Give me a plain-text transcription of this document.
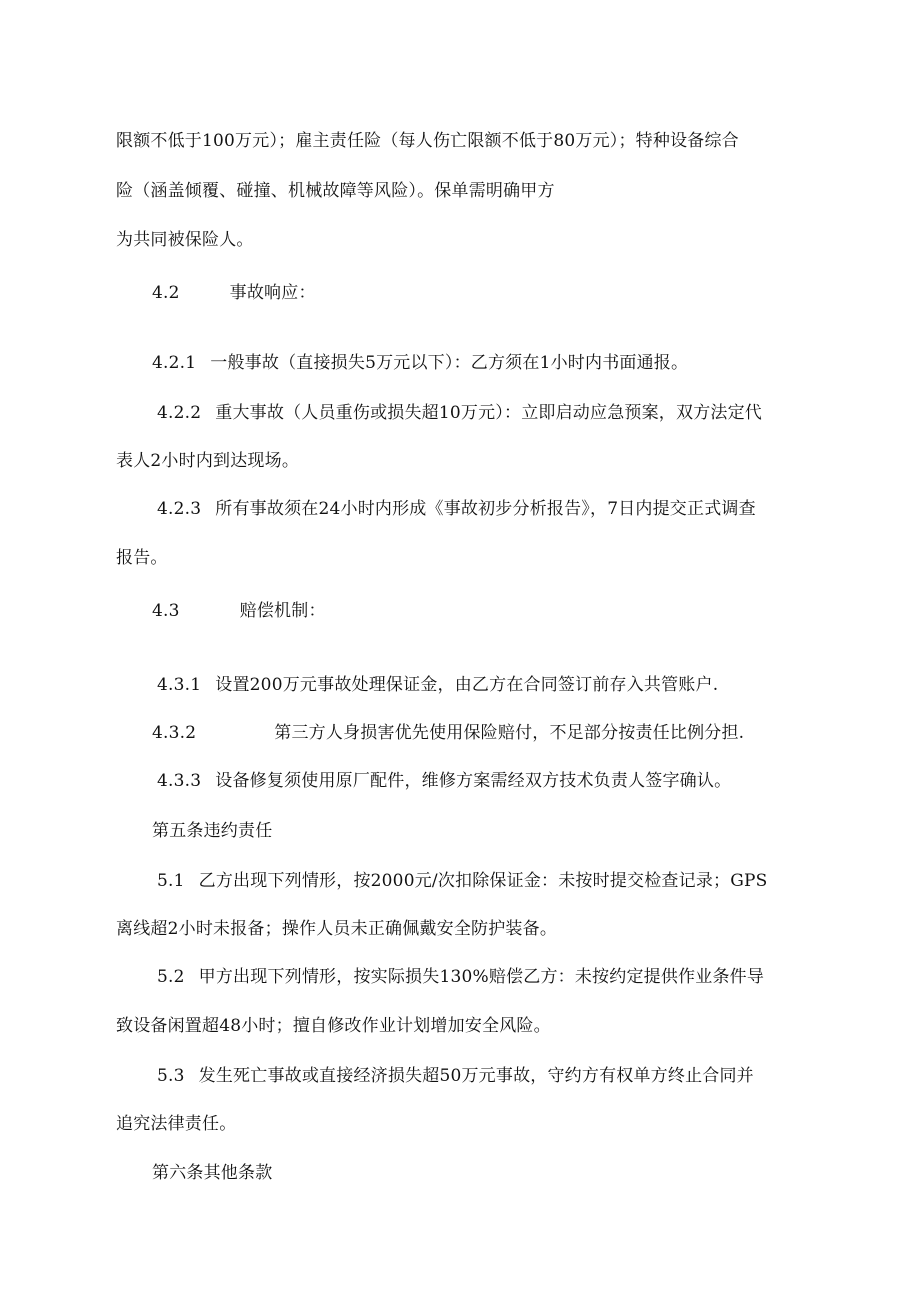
限额不低于100万元）；雇主责任险（每人伤亡限额不低于80万元）；特种设备综合
险（涵盖倾覆、碰撞、机械故障等风险）。保单需明确甲方
为共同被保险人。
4.2	事故响应：
4.2.1 一般事故（直接损失5万元以下）：乙方须在1小时内书面通报。
4.2.2 重大事故（人员重伤或损失超10万元）：立即启动应急预案，双方法定代
表人2小时内到达现场。
4.2.3 所有事故须在24小时内形成《事故初步分析报告》，7日内提交正式调查
报告。
4.3	赔偿机制：
4.3.1 设置200万元事故处理保证金，由乙方在合同签订前存入共管账户.
4.3.2	第三方人身损害优先使用保险赔付，不足部分按责任比例分担.
4.3.3 设备修复须使用原厂配件，维修方案需经双方技术负责人签字确认。
第五条违约责任
5.1 乙方出现下列情形，按2000元/次扣除保证金：未按时提交检查记录；GPS
离线超2小时未报备；操作人员未正确佩戴安全防护装备。
5.2 甲方出现下列情形，按实际损失130%赔偿乙方：未按约定提供作业条件导
致设备闲置超48小时；擅自修改作业计划增加安全风险。
5.3 发生死亡事故或直接经济损失超50万元事故，守约方有权单方终止合同并
追究法律责任。
第六条其他条款
